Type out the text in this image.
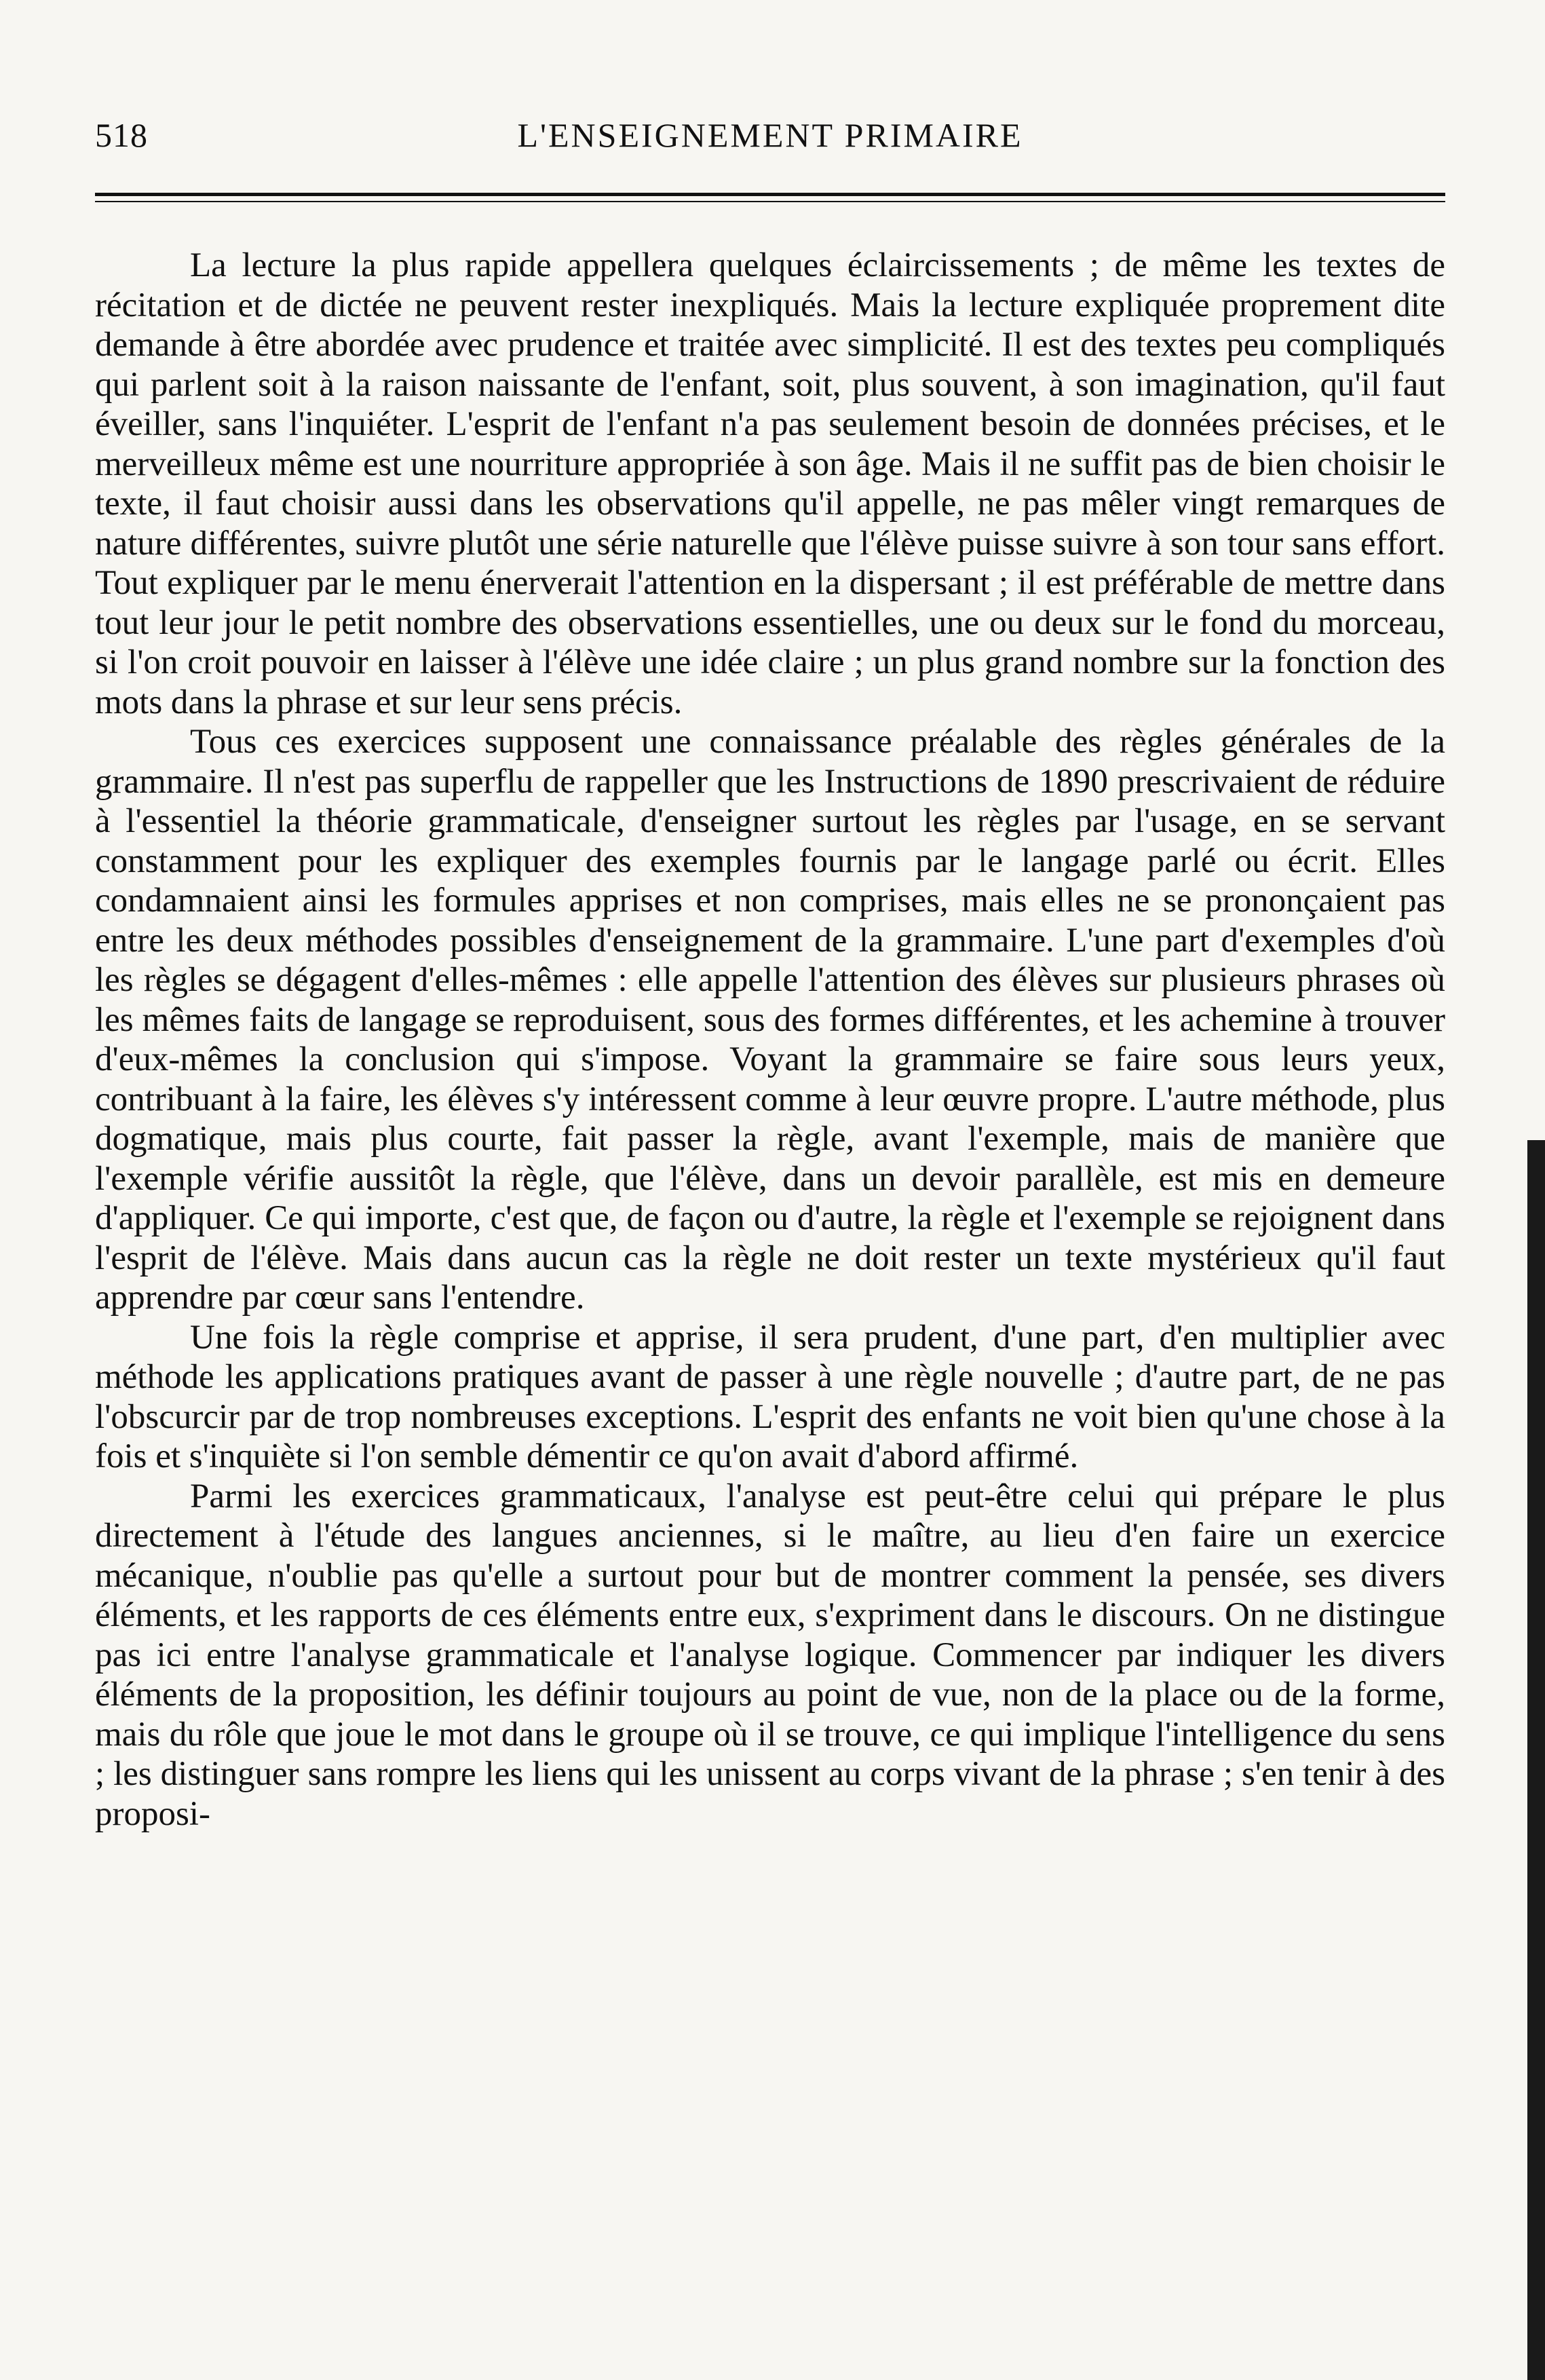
518	L'ENSEIGNEMENT PRIMAIRE

La lecture la plus rapide appellera quelques éclaircissements ; de même les textes de récitation et de dictée ne peuvent rester inexpliqués. Mais la lecture expliquée proprement dite demande à être abordée avec prudence et traitée avec simplicité. Il est des textes peu compliqués qui parlent soit à la raison naissante de l'enfant, soit, plus souvent, à son imagination, qu'il faut éveiller, sans l'inquiéter. L'esprit de l'enfant n'a pas seulement besoin de données précises, et le merveilleux même est une nourriture appropriée à son âge. Mais il ne suffit pas de bien choisir le texte, il faut choisir aussi dans les observations qu'il appelle, ne pas mêler vingt remarques de nature différentes, suivre plutôt une série naturelle que l'élève puisse suivre à son tour sans effort. Tout expliquer par le menu énerverait l'attention en la dispersant ; il est préférable de mettre dans tout leur jour le petit nombre des observations essentielles, une ou deux sur le fond du morceau, si l'on croit pouvoir en laisser à l'élève une idée claire ; un plus grand nombre sur la fonction des mots dans la phrase et sur leur sens précis.

Tous ces exercices supposent une connaissance préalable des règles générales de la grammaire. Il n'est pas superflu de rappeller que les Instructions de 1890 prescrivaient de réduire à l'essentiel la théorie grammaticale, d'enseigner surtout les règles par l'usage, en se servant constamment pour les expliquer des exemples fournis par le langage parlé ou écrit. Elles condamnaient ainsi les formules apprises et non comprises, mais elles ne se prononçaient pas entre les deux méthodes possibles d'enseignement de la grammaire. L'une part d'exemples d'où les règles se dégagent d'elles-mêmes : elle appelle l'attention des élèves sur plusieurs phrases où les mêmes faits de langage se reproduisent, sous des formes différentes, et les achemine à trouver d'eux-mêmes la conclusion qui s'impose. Voyant la grammaire se faire sous leurs yeux, contribuant à la faire, les élèves s'y intéressent comme à leur œuvre propre. L'autre méthode, plus dogmatique, mais plus courte, fait passer la règle, avant l'exemple, mais de manière que l'exemple vérifie aussitôt la règle, que l'élève, dans un devoir parallèle, est mis en demeure d'appliquer. Ce qui importe, c'est que, de façon ou d'autre, la règle et l'exemple se rejoignent dans l'esprit de l'élève. Mais dans aucun cas la règle ne doit rester un texte mystérieux qu'il faut apprendre par cœur sans l'entendre.

Une fois la règle comprise et apprise, il sera prudent, d'une part, d'en multiplier avec méthode les applications pratiques avant de passer à une règle nouvelle ; d'autre part, de ne pas l'obscurcir par de trop nombreuses exceptions. L'esprit des enfants ne voit bien qu'une chose à la fois et s'inquiète si l'on semble démentir ce qu'on avait d'abord affirmé.

Parmi les exercices grammaticaux, l'analyse est peut-être celui qui prépare le plus directement à l'étude des langues anciennes, si le maître, au lieu d'en faire un exercice mécanique, n'oublie pas qu'elle a surtout pour but de montrer comment la pensée, ses divers éléments, et les rapports de ces éléments entre eux, s'expriment dans le discours. On ne distingue pas ici entre l'analyse grammaticale et l'analyse logique. Commencer par indiquer les divers éléments de la proposition, les définir toujours au point de vue, non de la place ou de la forme, mais du rôle que joue le mot dans le groupe où il se trouve, ce qui implique l'intelligence du sens ; les distinguer sans rompre les liens qui les unissent au corps vivant de la phrase ; s'en tenir à des proposi-
